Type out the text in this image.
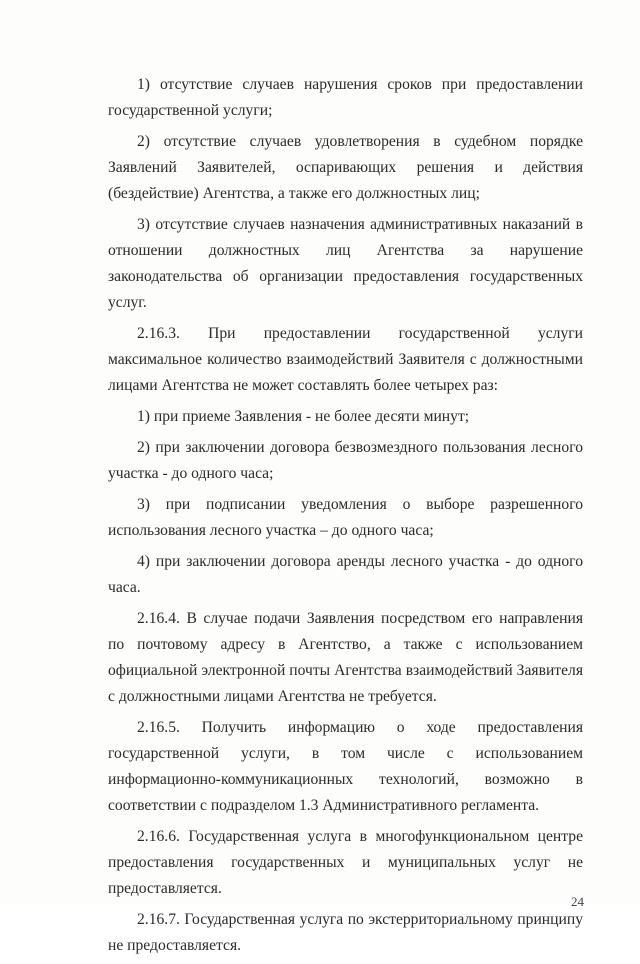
1) отсутствие случаев нарушения сроков при предоставлении государственной услуги;

2) отсутствие случаев удовлетворения в судебном порядке Заявлений Заявителей, оспаривающих решения и действия (бездействие) Агентства, а также его должностных лиц;

3) отсутствие случаев назначения административных наказаний в отношении должностных лиц Агентства за нарушение законодательства об организации предоставления государственных услуг.

2.16.3. При предоставлении государственной услуги максимальное количество взаимодействий Заявителя с должностными лицами Агентства не может составлять более четырех раз:

1) при приеме Заявления - не более десяти минут;

2) при заключении договора безвозмездного пользования лесного участка - до одного часа;

3) при подписании уведомления о выборе разрешенного использования лесного участка – до одного часа;

4) при заключении договора аренды лесного участка - до одного часа.

2.16.4. В случае подачи Заявления посредством его направления по почтовому адресу в Агентство, а также с использованием официальной электронной почты Агентства взаимодействий Заявителя с должностными лицами Агентства не требуется.

2.16.5. Получить информацию о ходе предоставления государственной услуги, в том числе с использованием информационно-коммуникационных технологий, возможно в соответствии с подразделом 1.3 Административного регламента.

2.16.6. Государственная услуга в многофункциональном центре предоставления государственных и муниципальных услуг не предоставляется.

2.16.7. Государственная услуга по экстерриториальному принципу не предоставляется.

24
